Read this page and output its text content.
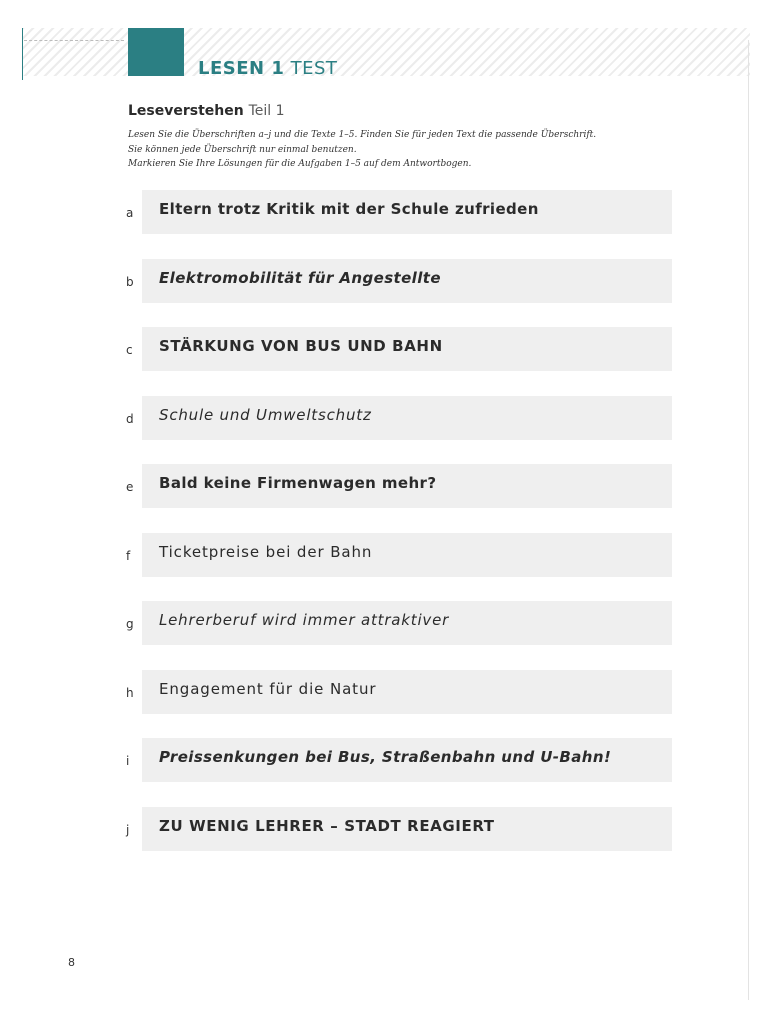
LESEN 1 TEST
Leseverstehen Teil 1
Lesen Sie die Überschriften a–j und die Texte 1–5. Finden Sie für jeden Text die passende Überschrift.
Sie können jede Überschrift nur einmal benutzen.
Markieren Sie Ihre Lösungen für die Aufgaben 1–5 auf dem Antwortbogen.
a	Eltern trotz Kritik mit der Schule zufrieden
b Elektromobilität für Angestellte
c	STÄRKUNG VON BUS UND BAHN
d Schule und Umweltschutz
e	Bald keine Firmenwagen mehr?
f	Ticketpreise bei der Bahn
g Lehrerberuf wird immer attraktiver
h Engagement für die Natur
i	Preissenkungen bei Bus, Straßenbahn und U-Bahn!
j	ZU WENIG LEHRER – STADT REAGIERT
8
